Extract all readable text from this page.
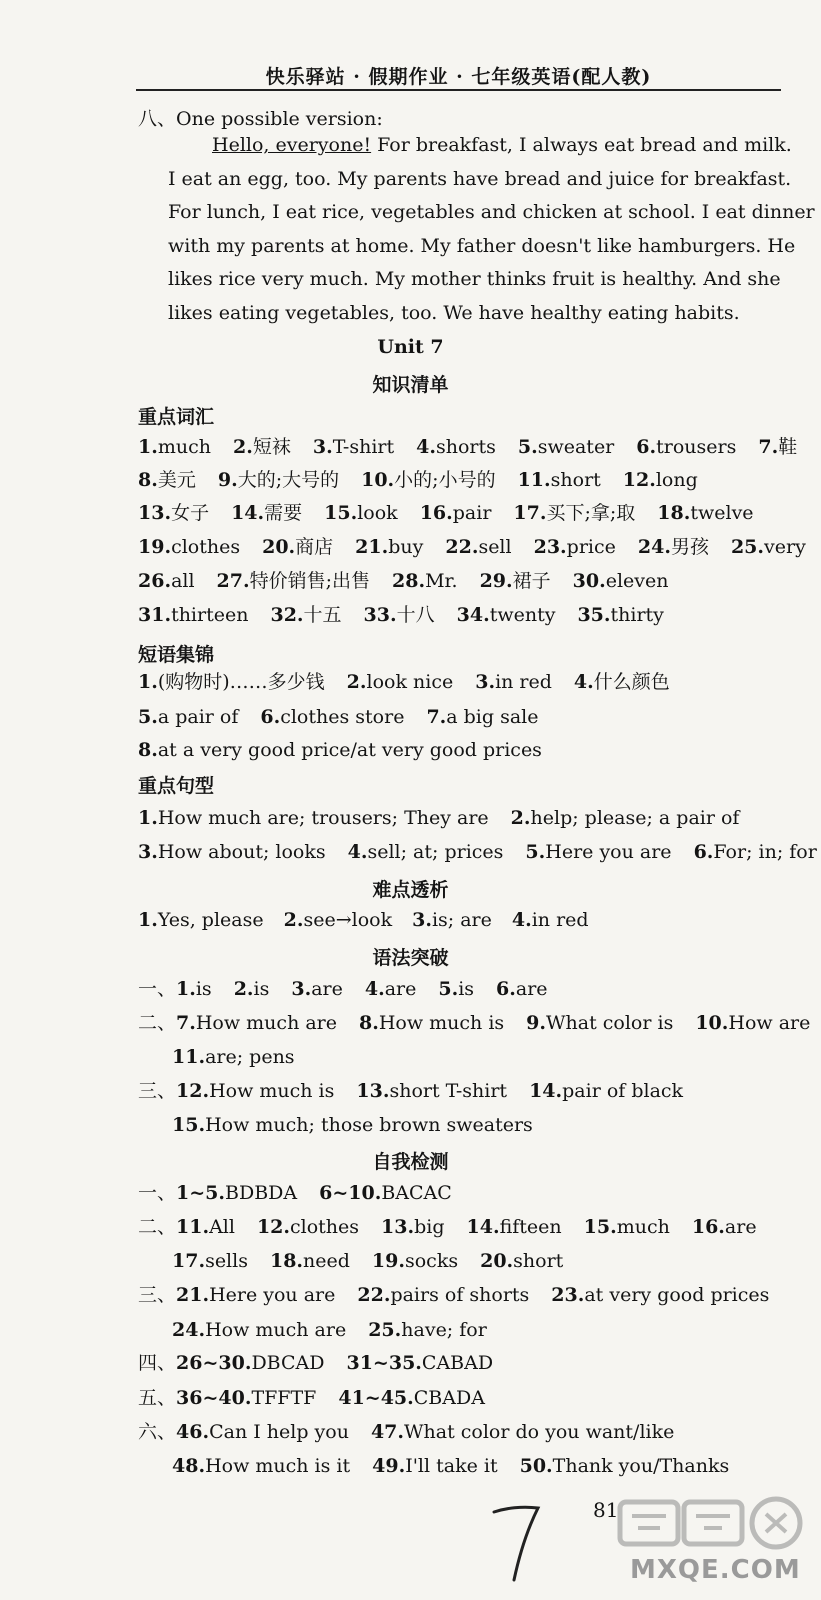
快乐驿站 · 假期作业 · 七年级英语(配人教)
八、One possible version:
Hello, everyone! For breakfast, I always eat bread and milk.
I eat an egg, too. My parents have bread and juice for breakfast.
For lunch, I eat rice, vegetables and chicken at school. I eat dinner
with my parents at home. My father doesn't like hamburgers. He
likes rice very much. My mother thinks fruit is healthy. And she
likes eating vegetables, too. We have healthy eating habits.
Unit 7
知识清单
重点词汇
1.much 2.短袜 3.T-shirt 4.shorts 5.sweater 6.trousers 7.鞋
8.美元 9.大的;大号的 10.小的;小号的 11.short 12.long
13.女子 14.需要 15.look 16.pair 17.买下;拿;取 18.twelve
19.clothes 20.商店 21.buy 22.sell 23.price 24.男孩 25.very
26.all 27.特价销售;出售 28.Mr. 29.裙子 30.eleven
31.thirteen 32.十五 33.十八 34.twenty 35.thirty
短语集锦
1.(购物时)……多少钱 2.look nice 3.in red 4.什么颜色
5.a pair of 6.clothes store 7.a big sale
8.at a very good price/at very good prices
重点句型
1.How much are; trousers; They are 2.help; please; a pair of
3.How about; looks 4.sell; at; prices 5.Here you are 6.For; in; for
难点透析
1.Yes, please 2.see→look 3.is; are 4.in red
语法突破
一、1.is 2.is 3.are 4.are 5.is 6.are
二、7.How much are 8.How much is 9.What color is 10.How are
11.are; pens
三、12.How much is 13.short T-shirt 14.pair of black
15.How much; those brown sweaters
自我检测
一、1~5.BDBDA 6~10.BACAC
二、11.All 12.clothes 13.big 14.fifteen 15.much 16.are
17.sells 18.need 19.socks 20.short
三、21.Here you are 22.pairs of shorts 23.at very good prices
24.How much are 25.have; for
四、26~30.DBCAD 31~35.CABAD
五、36~40.TFFTF 41~45.CBADA
六、46.Can I help you 47.What color do you want/like
48.How much is it 49.I'll take it 50.Thank you/Thanks
81
MXQE.COM
